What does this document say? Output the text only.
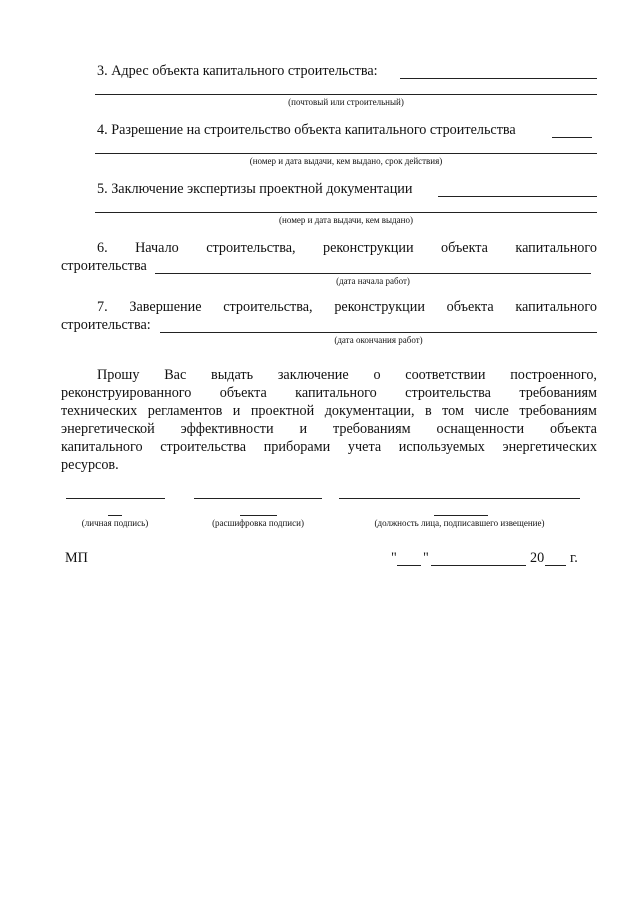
3. Адрес объекта капитального строительства:
(почтовый или строительный)
4. Разрешение на строительство объекта капитального строительства
(номер и дата выдачи, кем выдано, срок действия)
5. Заключение экспертизы проектной документации
(номер и дата выдачи, кем выдано)
6. Начало строительства, реконструкции объекта капитального
строительства
(дата начала работ)
7. Завершение строительства, реконструкции объекта капитального
строительства:
(дата окончания работ)
Прошу Вас выдать заключение о соответствии построенного,
реконструированного объекта капитального строительства требованиям
технических регламентов и проектной документации, в том числе требованиям
энергетической эффективности и требованиям оснащенности объекта
капитального строительства приборами учета используемых энергетических
ресурсов.
(личная подпись)	(расшифровка подписи)	(должность лица, подписавшего извещение)
МП	" "	20 г.
